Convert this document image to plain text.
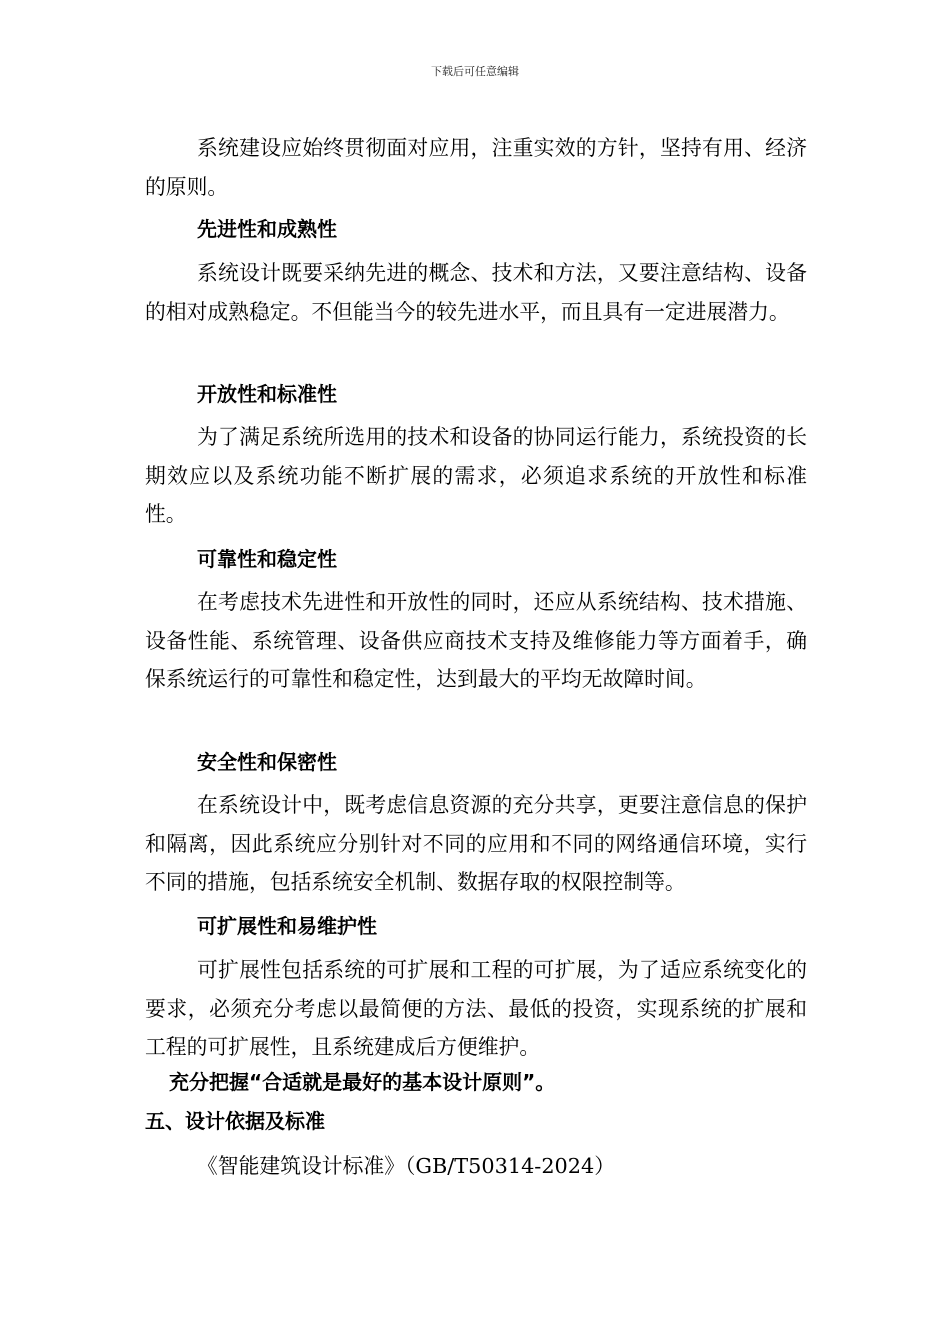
下载后可任意编辑

系统建设应始终贯彻面对应用，注重实效的方针，坚持有用、经济的原则。

先进性和成熟性

系统设计既要采纳先进的概念、技术和方法，又要注意结构、设备的相对成熟稳定。不但能当今的较先进水平，而且具有一定进展潜力。

开放性和标准性

为了满足系统所选用的技术和设备的协同运行能力，系统投资的长期效应以及系统功能不断扩展的需求，必须追求系统的开放性和标准性。

可靠性和稳定性

在考虑技术先进性和开放性的同时，还应从系统结构、技术措施、设备性能、系统管理、设备供应商技术支持及维修能力等方面着手，确保系统运行的可靠性和稳定性，达到最大的平均无故障时间。

安全性和保密性

在系统设计中，既考虑信息资源的充分共享，更要注意信息的保护和隔离，因此系统应分别针对不同的应用和不同的网络通信环境，实行不同的措施，包括系统安全机制、数据存取的权限控制等。

可扩展性和易维护性

可扩展性包括系统的可扩展和工程的可扩展，为了适应系统变化的要求，必须充分考虑以最简便的方法、最低的投资，实现系统的扩展和工程的可扩展性，且系统建成后方便维护。

充分把握“合适就是最好的基本设计原则”。

五、设计依据及标准

《智能建筑设计标准》（GB/T50314-2024）
